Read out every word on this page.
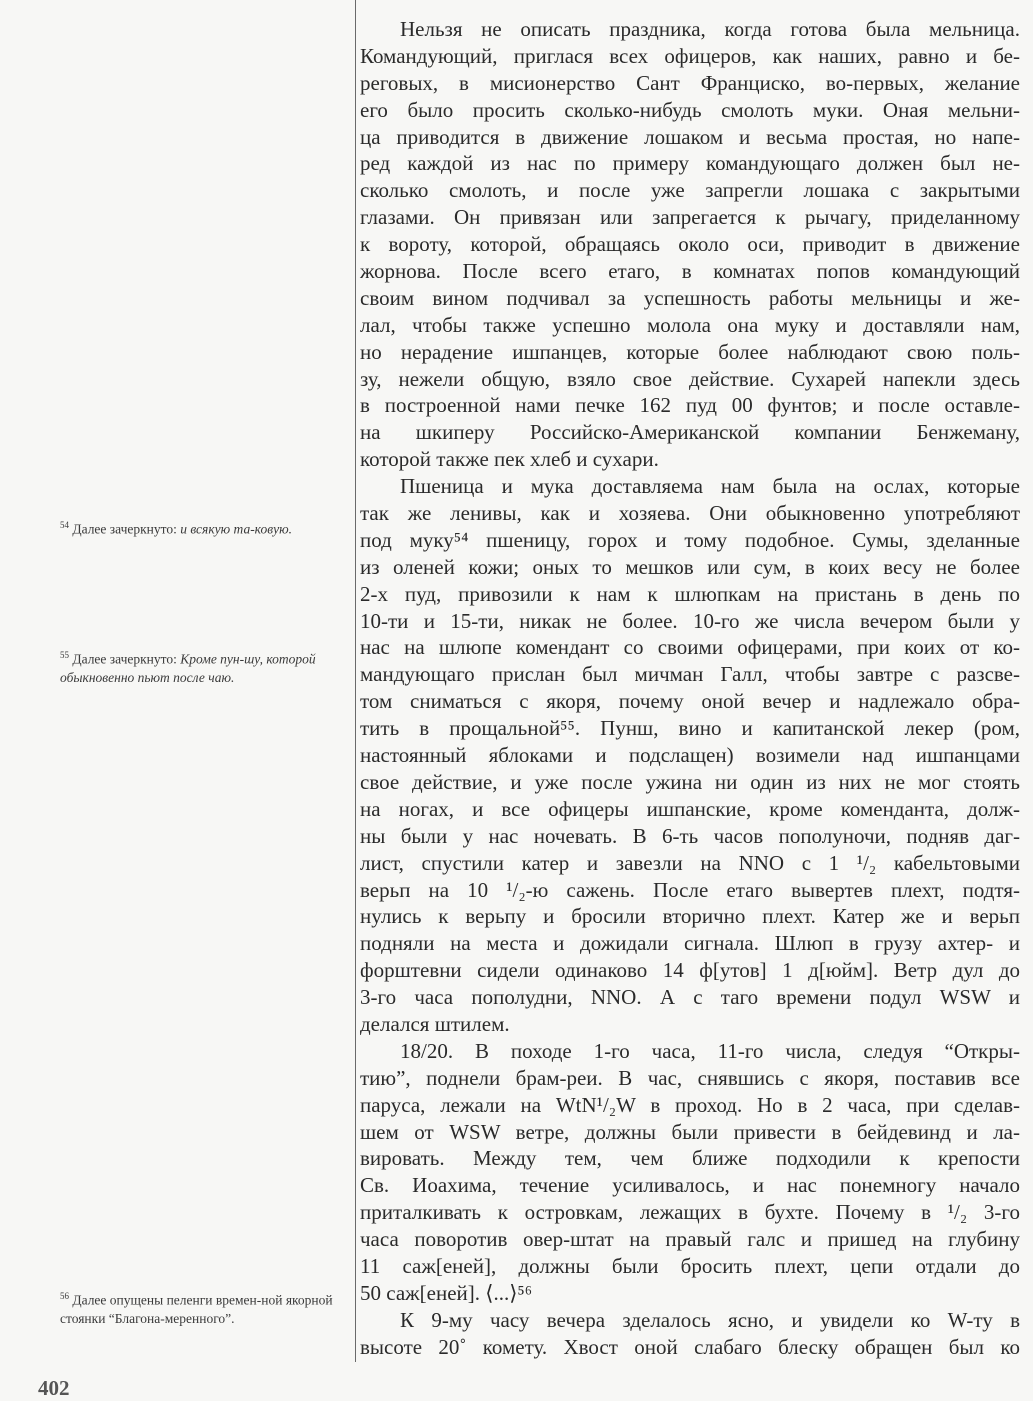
Нельзя не описать праздника, когда готова была мельница.
Командующий, приглася всех офицеров, как наших, равно и бе-
реговых, в мисионерство Сант Франциско, во-первых, желание
его было просить сколько-нибудь смолоть муки. Оная мельни-
ца приводится в движение лошаком и весьма простая, но напе-
ред каждой из нас по примеру командующаго должен был не-
сколько смолоть, и после уже запрегли лошака с закрытыми
глазами. Он привязан или запрегается к рычагу, приделанному
к вороту, которой, обращаясь около оси, приводит в движение
жорнова. После всего етаго, в комнатах попов командующий
своим вином подчивал за успешность работы мельницы и же-
лал, чтобы также успешно молола она муку и доставляли нам,
но нерадение ишпанцев, которые более наблюдают свою поль-
зу, нежели общую, взяло свое действие. Сухарей напекли здесь
в построенной нами печке 162 пуд 00 фунтов; и после оставле-
на шкиперу Российско-Американской компании Бенжеману,
которой также пек хлеб и сухари.
Пшеница и мука доставляема нам была на ослах, которые
так же ленивы, как и хозяева. Они обыкновенно употребляют
под муку⁵⁴ пшеницу, горох и тому подобное. Сумы, зделанные
из оленей кожи; оных то мешков или сум, в коих весу не более
2-х пуд, привозили к нам к шлюпкам на пристань в день по
10-ти и 15-ти, никак не более. 10-го же числа вечером были у
нас на шлюпе комендант со своими офицерами, при коих от ко-
мандующаго прислан был мичман Галл, чтобы завтре с разсве-
том сниматься с якоря, почему оной вечер и надлежало обра-
тить в прощальной⁵⁵. Пунш, вино и капитанской лекер (ром,
настоянный яблоками и подслащен) возимели над ишпанцами
свое действие, и уже после ужина ни один из них не мог стоять
на ногах, и все офицеры ишпанские, кроме коменданта, долж-
ны были у нас ночевать. В 6-ть часов пополуночи, подняв даг-
лист, спустили катер и завезли на NNO с 1 ¹/₂ кабельтовыми
верьп на 10 ¹/₂-ю сажень. После етаго вывертев плехт, подтя-
нулись к верьпу и бросили вторично плехт. Катер же и верьп
подняли на места и дожидали сигнала. Шлюп в грузу ахтер- и
форштевни сидели одинаково 14 ф[утов] 1 д[юйм]. Ветр дул до
3-го часа пополудни, NNO. А с таго времени подул WSW и
делался штилем.
18/20. В походе 1-го часа, 11-го числа, следуя “Откры-
тию”, поднели брам-реи. В час, снявшись с якоря, поставив все
паруса, лежали на WtN¹/₂W в проход. Но в 2 часа, при сделав-
шем от WSW ветре, должны были привести в бейдевинд и ла-
вировать. Между тем, чем ближе подходили к крепости
Св. Иоахима, течение усиливалось, и нас понемногу начало
приталкивать к островкам, лежащих в бухте. Почему в ¹/₂ 3-го
часа поворотив овер-штат на правый галс и пришед на глубину
11 саж[еней], должны были бросить плехт, цепи отдали до
50 саж[еней]. ⟨...⟩⁵⁶
К 9-му часу вечера зделалось ясно, и увидели ко W-ту в
высоте 20˚ комету. Хвост оной слабаго блеску обращен был ко
$^{54}$ Далее зачеркнуто: и всякую та-ковую.
$^{55}$ Далее зачеркнуто: Кроме пун-шу, которой обыкновенно пьют после чаю.
$^{56}$ Далее опущены пеленги времен-ной якорной стоянки “Благона-меренного”.
402
